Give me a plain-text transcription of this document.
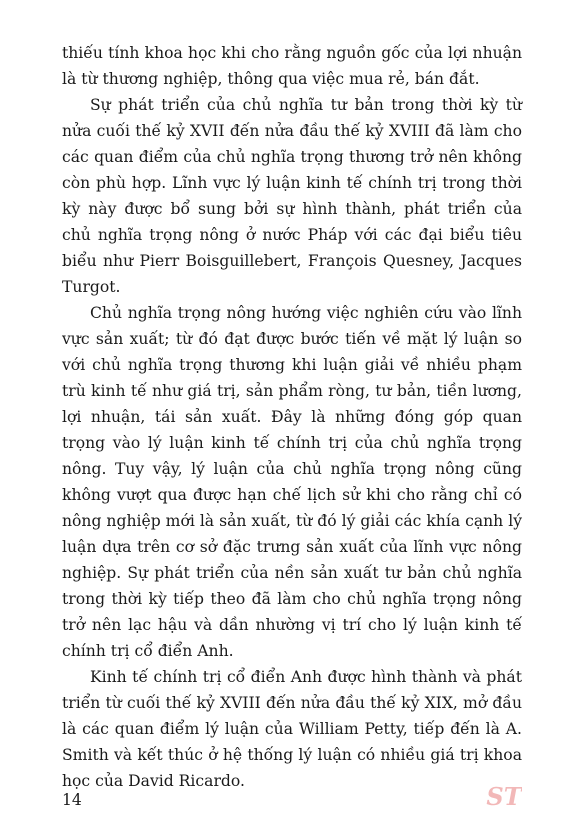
thiếu tính khoa học khi cho rằng nguồn gốc của lợi nhuận là từ thương nghiệp, thông qua việc mua rẻ, bán đắt.

Sự phát triển của chủ nghĩa tư bản trong thời kỳ từ nửa cuối thế kỷ XVII đến nửa đầu thế kỷ XVIII đã làm cho các quan điểm của chủ nghĩa trọng thương trở nên không còn phù hợp. Lĩnh vực lý luận kinh tế chính trị trong thời kỳ này được bổ sung bởi sự hình thành, phát triển của chủ nghĩa trọng nông ở nước Pháp với các đại biểu tiêu biểu như Pierr Boisguillebert, François Quesney, Jacques Turgot.

Chủ nghĩa trọng nông hướng việc nghiên cứu vào lĩnh vực sản xuất; từ đó đạt được bước tiến về mặt lý luận so với chủ nghĩa trọng thương khi luận giải về nhiều phạm trù kinh tế như giá trị, sản phẩm ròng, tư bản, tiền lương, lợi nhuận, tái sản xuất. Đây là những đóng góp quan trọng vào lý luận kinh tế chính trị của chủ nghĩa trọng nông. Tuy vậy, lý luận của chủ nghĩa trọng nông cũng không vượt qua được hạn chế lịch sử khi cho rằng chỉ có nông nghiệp mới là sản xuất, từ đó lý giải các khía cạnh lý luận dựa trên cơ sở đặc trưng sản xuất của lĩnh vực nông nghiệp. Sự phát triển của nền sản xuất tư bản chủ nghĩa trong thời kỳ tiếp theo đã làm cho chủ nghĩa trọng nông trở nên lạc hậu và dần nhường vị trí cho lý luận kinh tế chính trị cổ điển Anh.

Kinh tế chính trị cổ điển Anh được hình thành và phát triển từ cuối thế kỷ XVIII đến nửa đầu thế kỷ XIX, mở đầu là các quan điểm lý luận của William Petty, tiếp đến là A. Smith và kết thúc ở hệ thống lý luận có nhiều giá trị khoa học của David Ricardo.

14	ST
